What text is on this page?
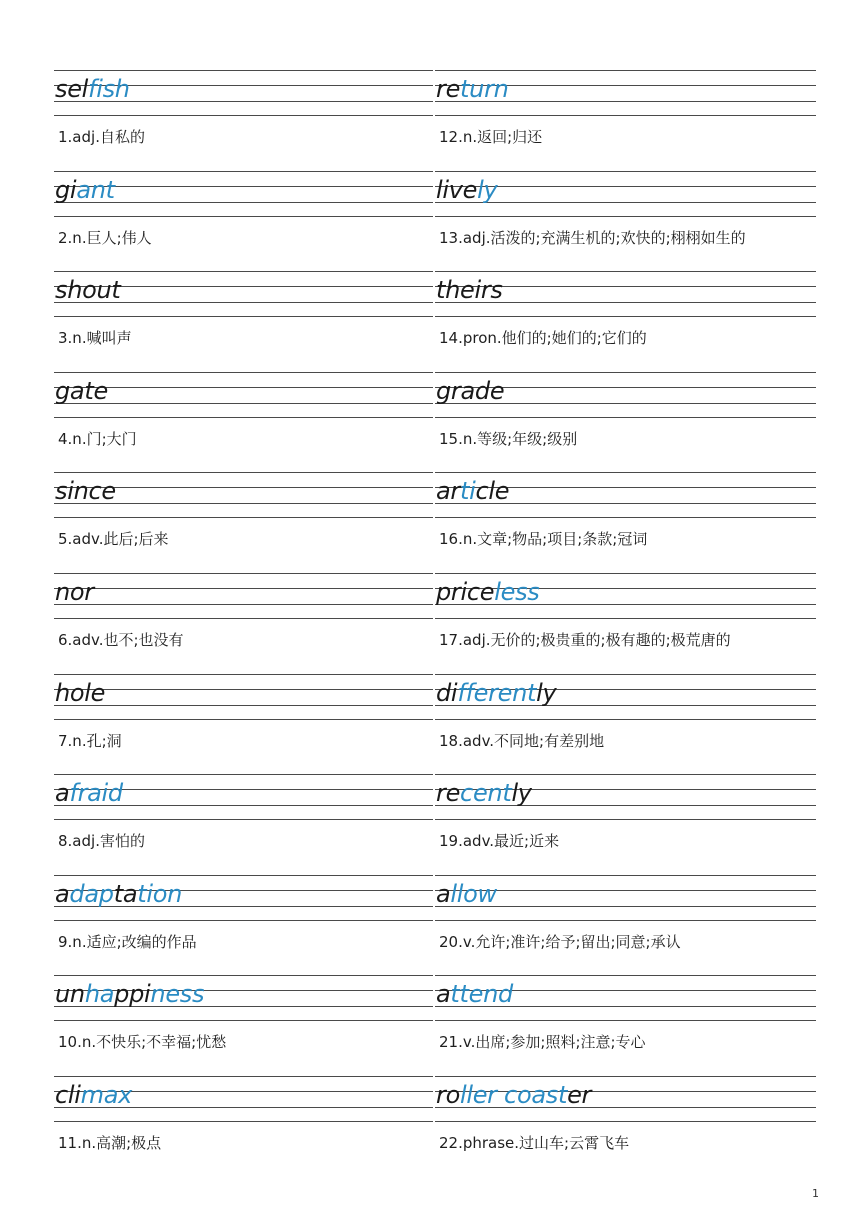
selfish
1.adj.自私的
giant
2.n.巨人;伟人
shout
3.n.喊叫声
gate
4.n.门;大门
since
5.adv.此后;后来
nor
6.adv.也不;也没有
hole
7.n.孔;洞
afraid
8.adj.害怕的
adaptation
9.n.适应;改编的作品
unhappiness
10.n.不快乐;不幸福;忧愁
climax
11.n.高潮;极点
return
12.n.返回;归还
lively
13.adj.活泼的;充满生机的;欢快的;栩栩如生的
theirs
14.pron.他们的;她们的;它们的
grade
15.n.等级;年级;级别
article
16.n.文章;物品;项目;条款;冠词
priceless
17.adj.无价的;极贵重的;极有趣的;极荒唐的
differently
18.adv.不同地;有差别地
recently
19.adv.最近;近来
allow
20.v.允许;准许;给予;留出;同意;承认
attend
21.v.出席;参加;照料;注意;专心
roller coaster
22.phrase.过山车;云霄飞车
1
